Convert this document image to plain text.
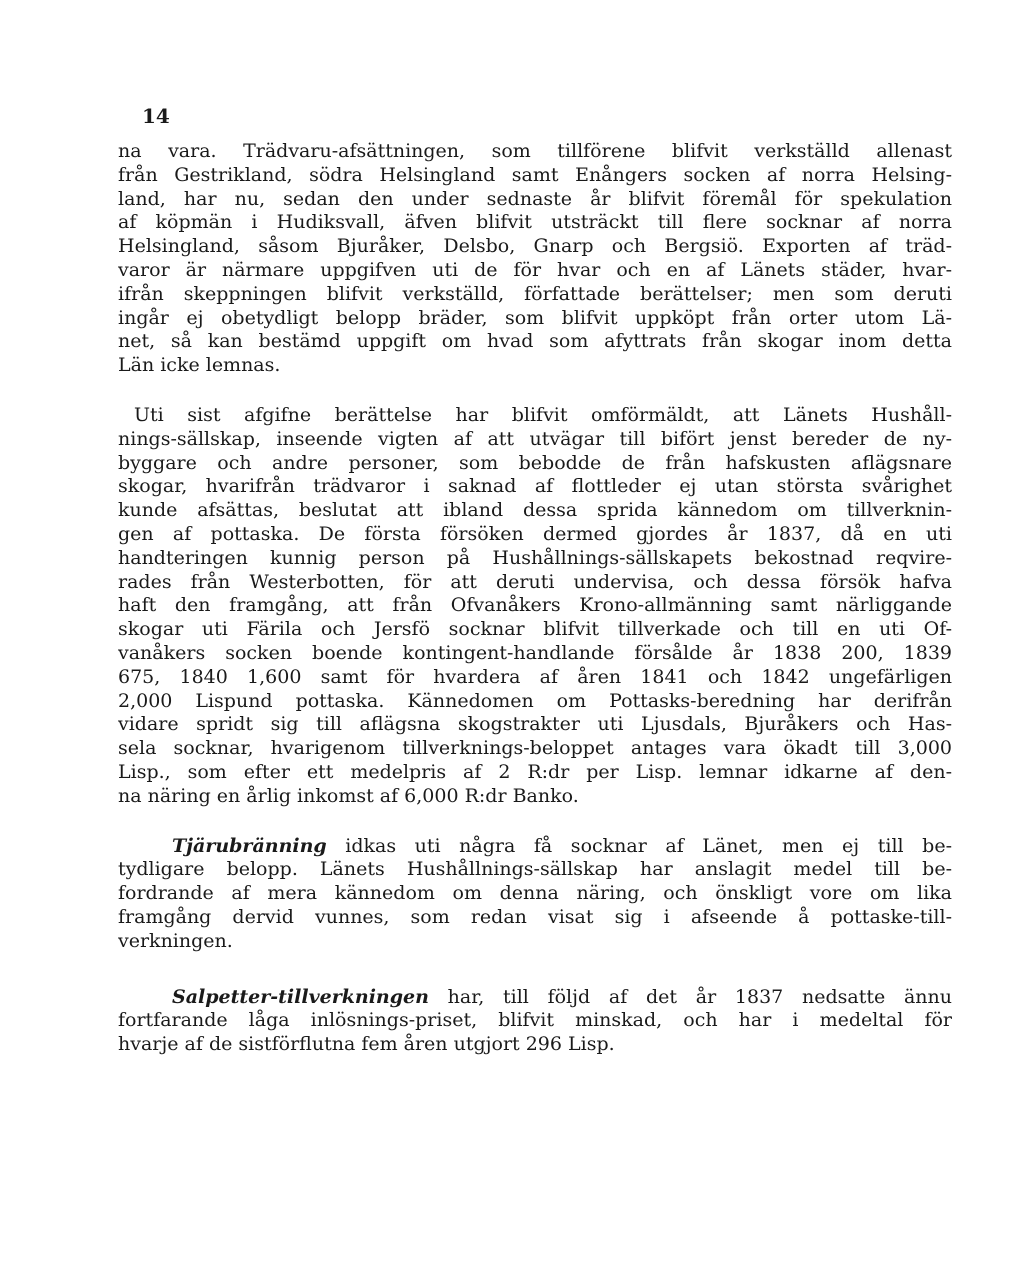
14
na vara. Trädvaru-afsättningen, som tillförene blifvit verkställd allenast
från Gestrikland, södra Helsingland samt Enångers socken af norra Helsing-
land, har nu, sedan den under sednaste år blifvit föremål för spekulation
af köpmän i Hudiksvall, äfven blifvit utsträckt till flere socknar af norra
Helsingland, såsom Bjuråker, Delsbo, Gnarp och Bergsiö. Exporten af träd-
varor är närmare uppgifven uti de för hvar och en af Länets städer, hvar-
ifrån skeppningen blifvit verkställd, författade berättelser; men som deruti
ingår ej obetydligt belopp bräder, som blifvit uppköpt från orter utom Lä-
net, så kan bestämd uppgift om hvad som afyttrats från skogar inom detta
Län icke lemnas.
Uti sist afgifne berättelse har blifvit omförmäldt, att Länets Hushåll-
nings-sällskap, inseende vigten af att utvägar till bifört jenst bereder de ny-
byggare och andre personer, som bebodde de från hafskusten aflägsnare
skogar, hvarifrån trädvaror i saknad af flottleder ej utan största svårighet
kunde afsättas, beslutat att ibland dessa sprida kännedom om tillverknin-
gen af pottaska. De första försöken dermed gjordes år 1837, då en uti
handteringen kunnig person på Hushållnings-sällskapets bekostnad reqvire-
rades från Westerbotten, för att deruti undervisa, och dessa försök hafva
haft den framgång, att från Ofvanåkers Krono-allmänning samt närliggande
skogar uti Färila och Jersfö socknar blifvit tillverkade och till en uti Of-
vanåkers socken boende kontingent-handlande försålde år 1838 200, 1839
675, 1840 1,600 samt för hvardera af åren 1841 och 1842 ungefärligen
2,000 Lispund pottaska. Kännedomen om Pottasks-beredning har derifrån
vidare spridt sig till aflägsna skogstrakter uti Ljusdals, Bjuråkers och Has-
sela socknar, hvarigenom tillverknings-beloppet antages vara ökadt till 3,000
Lisp., som efter ett medelpris af 2 R:dr per Lisp. lemnar idkarne af den-
na näring en årlig inkomst af 6,000 R:dr Banko.
Tjärubränning idkas uti några få socknar af Länet, men ej till be-
tydligare belopp. Länets Hushållnings-sällskap har anslagit medel till be-
fordrande af mera kännedom om denna näring, och önskligt vore om lika
framgång dervid vunnes, som redan visat sig i afseende å pottaske-till-
verkningen.
Salpetter-tillverkningen har, till följd af det år 1837 nedsatte ännu
fortfarande låga inlösnings-priset, blifvit minskad, och har i medeltal för
hvarje af de sistförflutna fem åren utgjort 296 Lisp.
